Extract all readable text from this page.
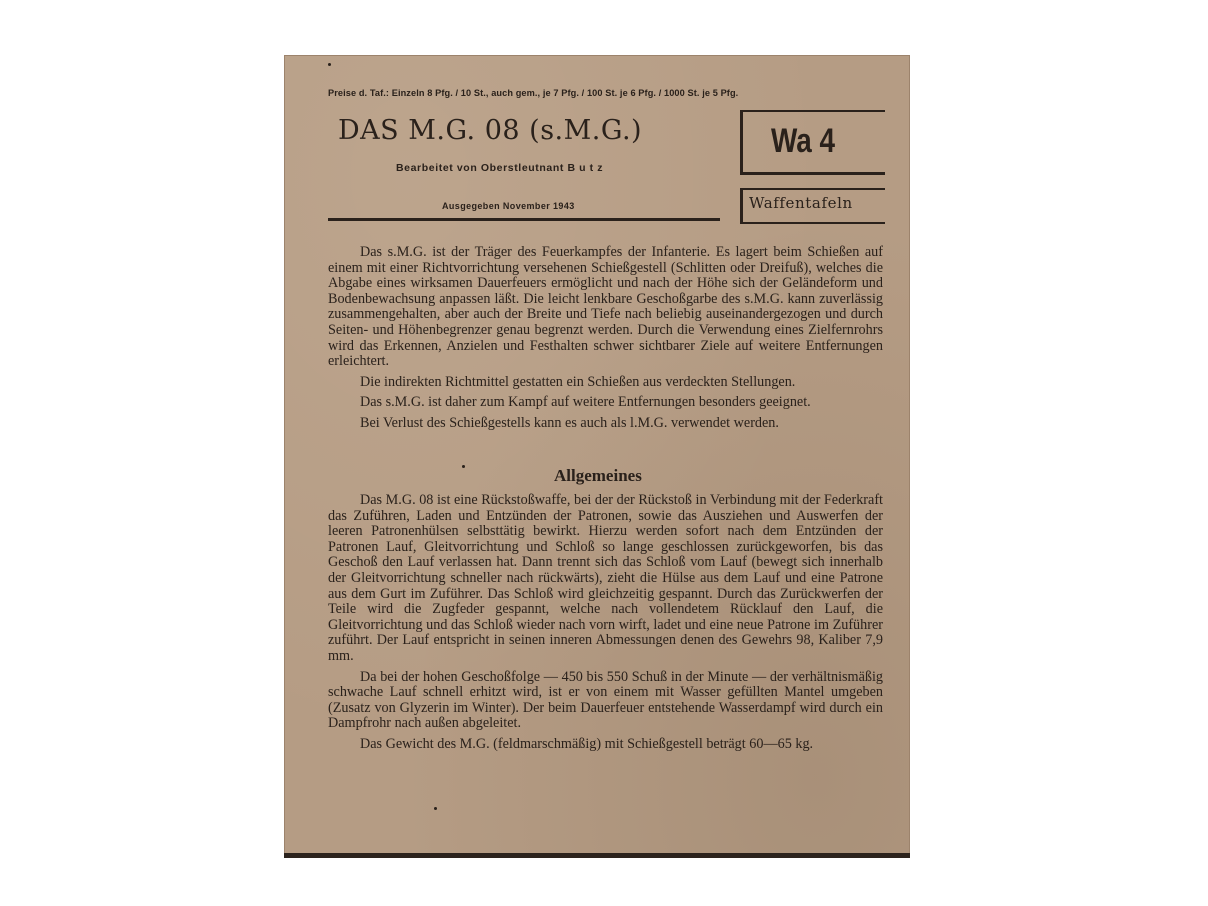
Preise d. Taf.: Einzeln 8 Pfg. / 10 St., auch gem., je 7 Pfg. / 100 St. je 6 Pfg. / 1000 St. je 5 Pfg.
DAS M.G. 08 (s.M.G.)
Bearbeitet von Oberstleutnant B u t z
Ausgegeben November 1943
Wa 4
Waffentafeln

Das s.M.G. ist der Träger des Feuerkampfes der Infanterie. Es lagert beim Schießen auf einem mit einer Richtvorrichtung versehenen Schießgestell (Schlitten oder Dreifuß), welches die Abgabe eines wirksamen Dauerfeuers ermöglicht und nach der Höhe sich der Geländeform und Bodenbewachsung anpassen läßt. Die leicht lenkbare Geschoßgarbe des s.M.G. kann zuverlässig zusammengehalten, aber auch der Breite und Tiefe nach beliebig auseinandergezogen und durch Seiten- und Höhenbegrenzer genau begrenzt werden. Durch die Verwendung eines Zielfernrohrs wird das Erkennen, Anzielen und Festhalten schwer sichtbarer Ziele auf weitere Entfernungen erleichtert.

Die indirekten Richtmittel gestatten ein Schießen aus verdeckten Stellungen.

Das s.M.G. ist daher zum Kampf auf weitere Entfernungen besonders geeignet.

Bei Verlust des Schießgestells kann es auch als l.M.G. verwendet werden.

Allgemeines

Das M.G. 08 ist eine Rückstoßwaffe, bei der der Rückstoß in Verbindung mit der Federkraft das Zuführen, Laden und Entzünden der Patronen, sowie das Ausziehen und Auswerfen der leeren Patronenhülsen selbsttätig bewirkt. Hierzu werden sofort nach dem Entzünden der Patronen Lauf, Gleitvorrichtung und Schloß so lange geschlossen zurückgeworfen, bis das Geschoß den Lauf verlassen hat. Dann trennt sich das Schloß vom Lauf (bewegt sich innerhalb der Gleitvorrichtung schneller nach rückwärts), zieht die Hülse aus dem Lauf und eine Patrone aus dem Gurt im Zuführer. Das Schloß wird gleichzeitig gespannt. Durch das Zurückwerfen der Teile wird die Zugfeder gespannt, welche nach vollendetem Rücklauf den Lauf, die Gleitvorrichtung und das Schloß wieder nach vorn wirft, ladet und eine neue Patrone im Zuführer zuführt. Der Lauf entspricht in seinen inneren Abmessungen denen des Gewehrs 98, Kaliber 7,9 mm.

Da bei der hohen Geschoßfolge — 450 bis 550 Schuß in der Minute — der verhältnismäßig schwache Lauf schnell erhitzt wird, ist er von einem mit Wasser gefüllten Mantel umgeben (Zusatz von Glyzerin im Winter). Der beim Dauerfeuer entstehende Wasserdampf wird durch ein Dampfrohr nach außen abgeleitet.

Das Gewicht des M.G. (feldmarschmäßig) mit Schießgestell beträgt 60—65 kg.
